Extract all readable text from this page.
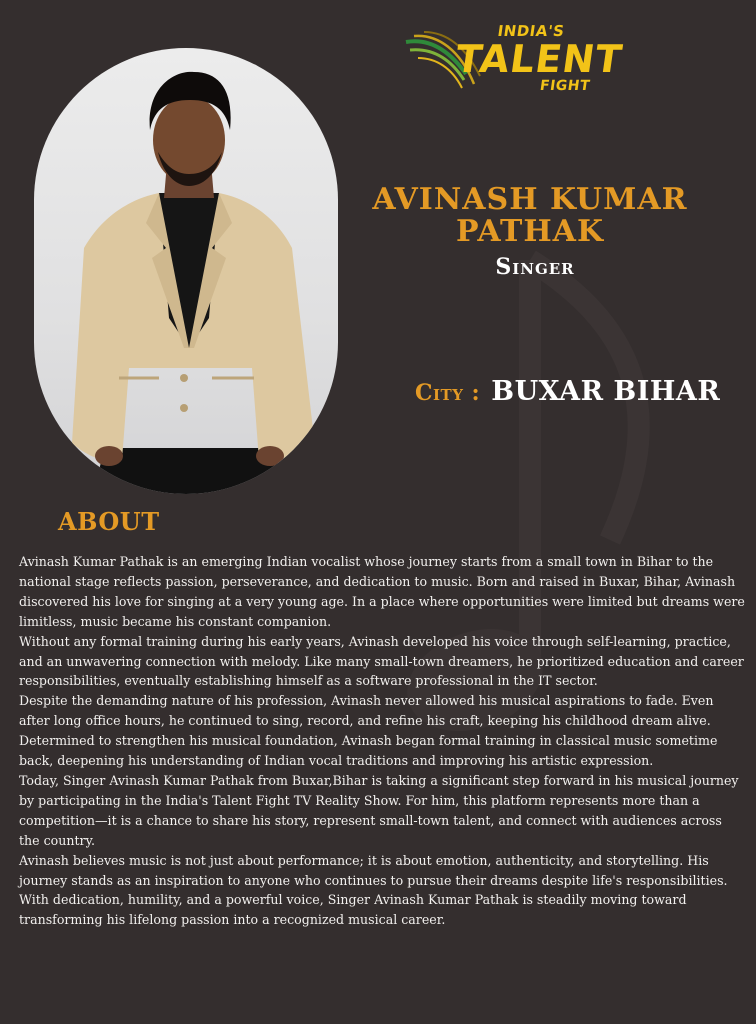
INDIA'S
TALENT
FIGHT
AVINASH KUMAR PATHAK
Singer
City : BUXAR BIHAR
ABOUT

Avinash Kumar Pathak is an emerging Indian vocalist whose journey starts from a small town in Bihar to the national stage reflects passion, perseverance, and dedication to music. Born and raised in Buxar, Bihar, Avinash discovered his love for singing at a very young age. In a place where opportunities were limited but dreams were limitless, music became his constant companion.

Without any formal training during his early years, Avinash developed his voice through self-learning, practice, and an unwavering connection with melody. Like many small-town dreamers, he prioritized education and career responsibilities, eventually establishing himself as a software professional in the IT sector.

Despite the demanding nature of his profession, Avinash never allowed his musical aspirations to fade. Even after long office hours, he continued to sing, record, and refine his craft, keeping his childhood dream alive.

Determined to strengthen his musical foundation, Avinash began formal training in classical music sometime back, deepening his understanding of Indian vocal traditions and improving his artistic expression.

Today, Singer Avinash Kumar Pathak from Buxar,Bihar is taking a significant step forward in his musical journey by participating in the India's Talent Fight TV Reality Show. For him, this platform represents more than a competition—it is a chance to share his story, represent small-town talent, and connect with audiences across the country.

Avinash believes music is not just about performance; it is about emotion, authenticity, and storytelling. His journey stands as an inspiration to anyone who continues to pursue their dreams despite life's responsibilities.

With dedication, humility, and a powerful voice, Singer Avinash Kumar Pathak is steadily moving toward transforming his lifelong passion into a recognized musical career.
